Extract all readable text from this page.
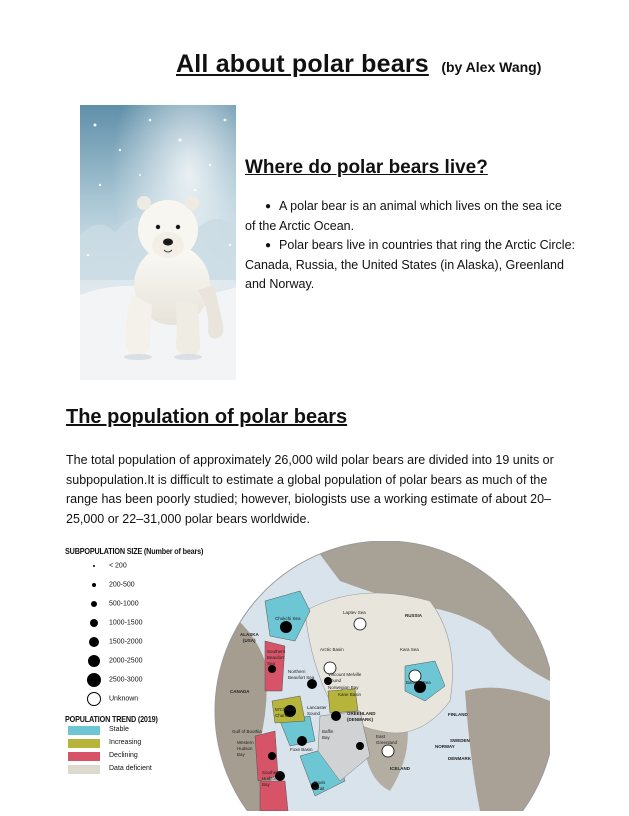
All about polar bears (by Alex Wang)
Where do polar bears live?

● A polar bear is an animal which lives on the sea ice of the Arctic Ocean.

● Polar bears live in countries that ring the Arctic Circle: Canada, Russia, the United States (in Alaska), Greenland and Norway.

The population of polar bears
The total population of approximately 26,000 wild polar bears are divided into 19 units or subpopulation.It is difficult to estimate a global population of polar bears as much of the range has been poorly studied; however, biologists use a working estimate of about 20–25,000 or 22–31,000 polar bears worldwide.
SUBPOPULATION SIZE (Number of bears)
< 200
200-500
500-1000
1000-1500
1500-2000
2000-2500
2500-3000
Unknown
POPULATION TREND (2019)
Stable
Increasing
Declining
Data deficient
Laptev Sea
RUSSIA
Chukchi Sea
ALASKA
(USA)
Arctic Basin	Kara Sea
Southern
Beaufort
Sea
Northern
Beaufort Sea
Viscount Melville
Sound
Norwegian Bay
Kane Basin
Barents Sea
CANADA
M'Clintock
Channel
Lancaster
Sound	GREENLAND
(DENMARK)
FINLAND
Gulf of Boothia	Baffin
Bay	East
Greenland
Western
Hudson
Bay
Foxe Basin
SWEDEN
NORWAY
DENMARK
Southern
Hudson
Bay	Davis
Strait
ICELAND
